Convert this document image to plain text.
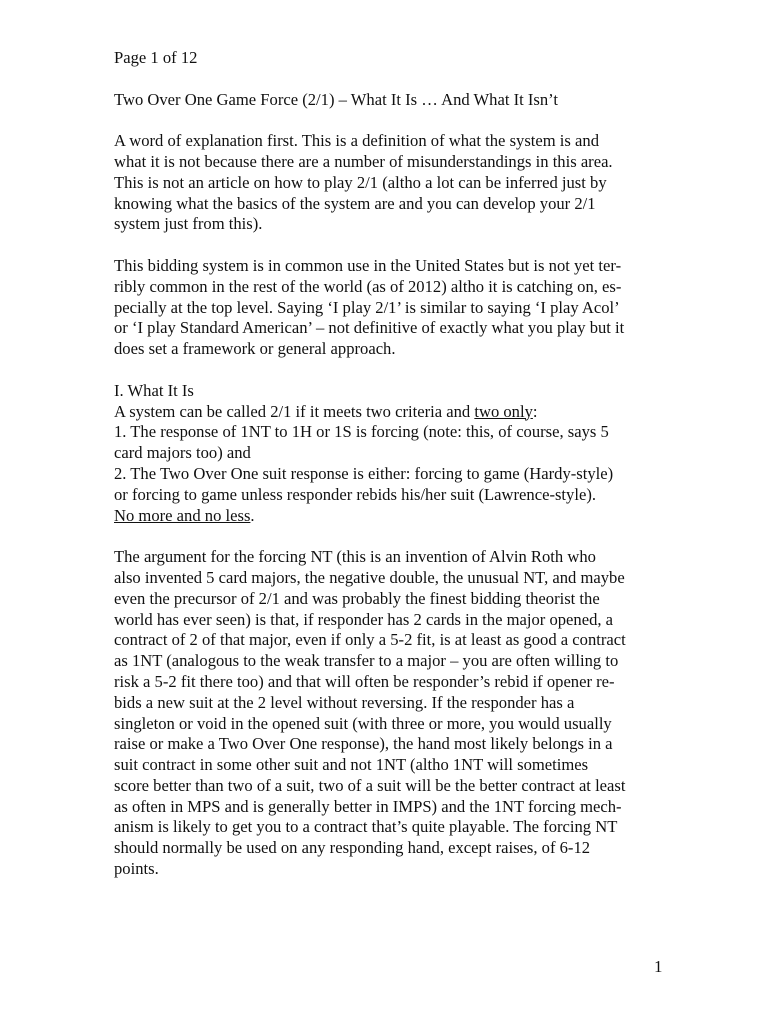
Page 1 of 12
Two Over One Game Force (2/1) – What It Is … And What It Isn’t
A word of explanation first. This is a definition of what the system is and
what it is not because there are a number of misunderstandings in this area.
This is not an article on how to play 2/1 (altho a lot can be inferred just by
knowing what the basics of the system are and you can develop your 2/1
system just from this).
This bidding system is in common use in the United States but is not yet ter-
ribly common in the rest of the world (as of 2012) altho it is catching on, es-
pecially at the top level. Saying ‘I play 2/1’ is similar to saying ‘I play Acol’
or ‘I play Standard American’ – not definitive of exactly what you play but it
does set a framework or general approach.
I. What It Is
A system can be called 2/1 if it meets two criteria and two only:
1. The response of 1NT to 1H or 1S is forcing (note: this, of course, says 5
card majors too) and
2. The Two Over One suit response is either: forcing to game (Hardy-style)
or forcing to game unless responder rebids his/her suit (Lawrence-style).
No more and no less.
The argument for the forcing NT (this is an invention of Alvin Roth who
also invented 5 card majors, the negative double, the unusual NT, and maybe
even the precursor of 2/1 and was probably the finest bidding theorist the
world has ever seen) is that, if responder has 2 cards in the major opened, a
contract of 2 of that major, even if only a 5-2 fit, is at least as good a contract
as 1NT (analogous to the weak transfer to a major – you are often willing to
risk a 5-2 fit there too) and that will often be responder’s rebid if opener re-
bids a new suit at the 2 level without reversing. If the responder has a
singleton or void in the opened suit (with three or more, you would usually
raise or make a Two Over One response), the hand most likely belongs in a
suit contract in some other suit and not 1NT (altho 1NT will sometimes
score better than two of a suit, two of a suit will be the better contract at least
as often in MPS and is generally better in IMPS) and the 1NT forcing mech-
anism is likely to get you to a contract that’s quite playable. The forcing NT
should normally be used on any responding hand, except raises, of 6-12
points.
1
